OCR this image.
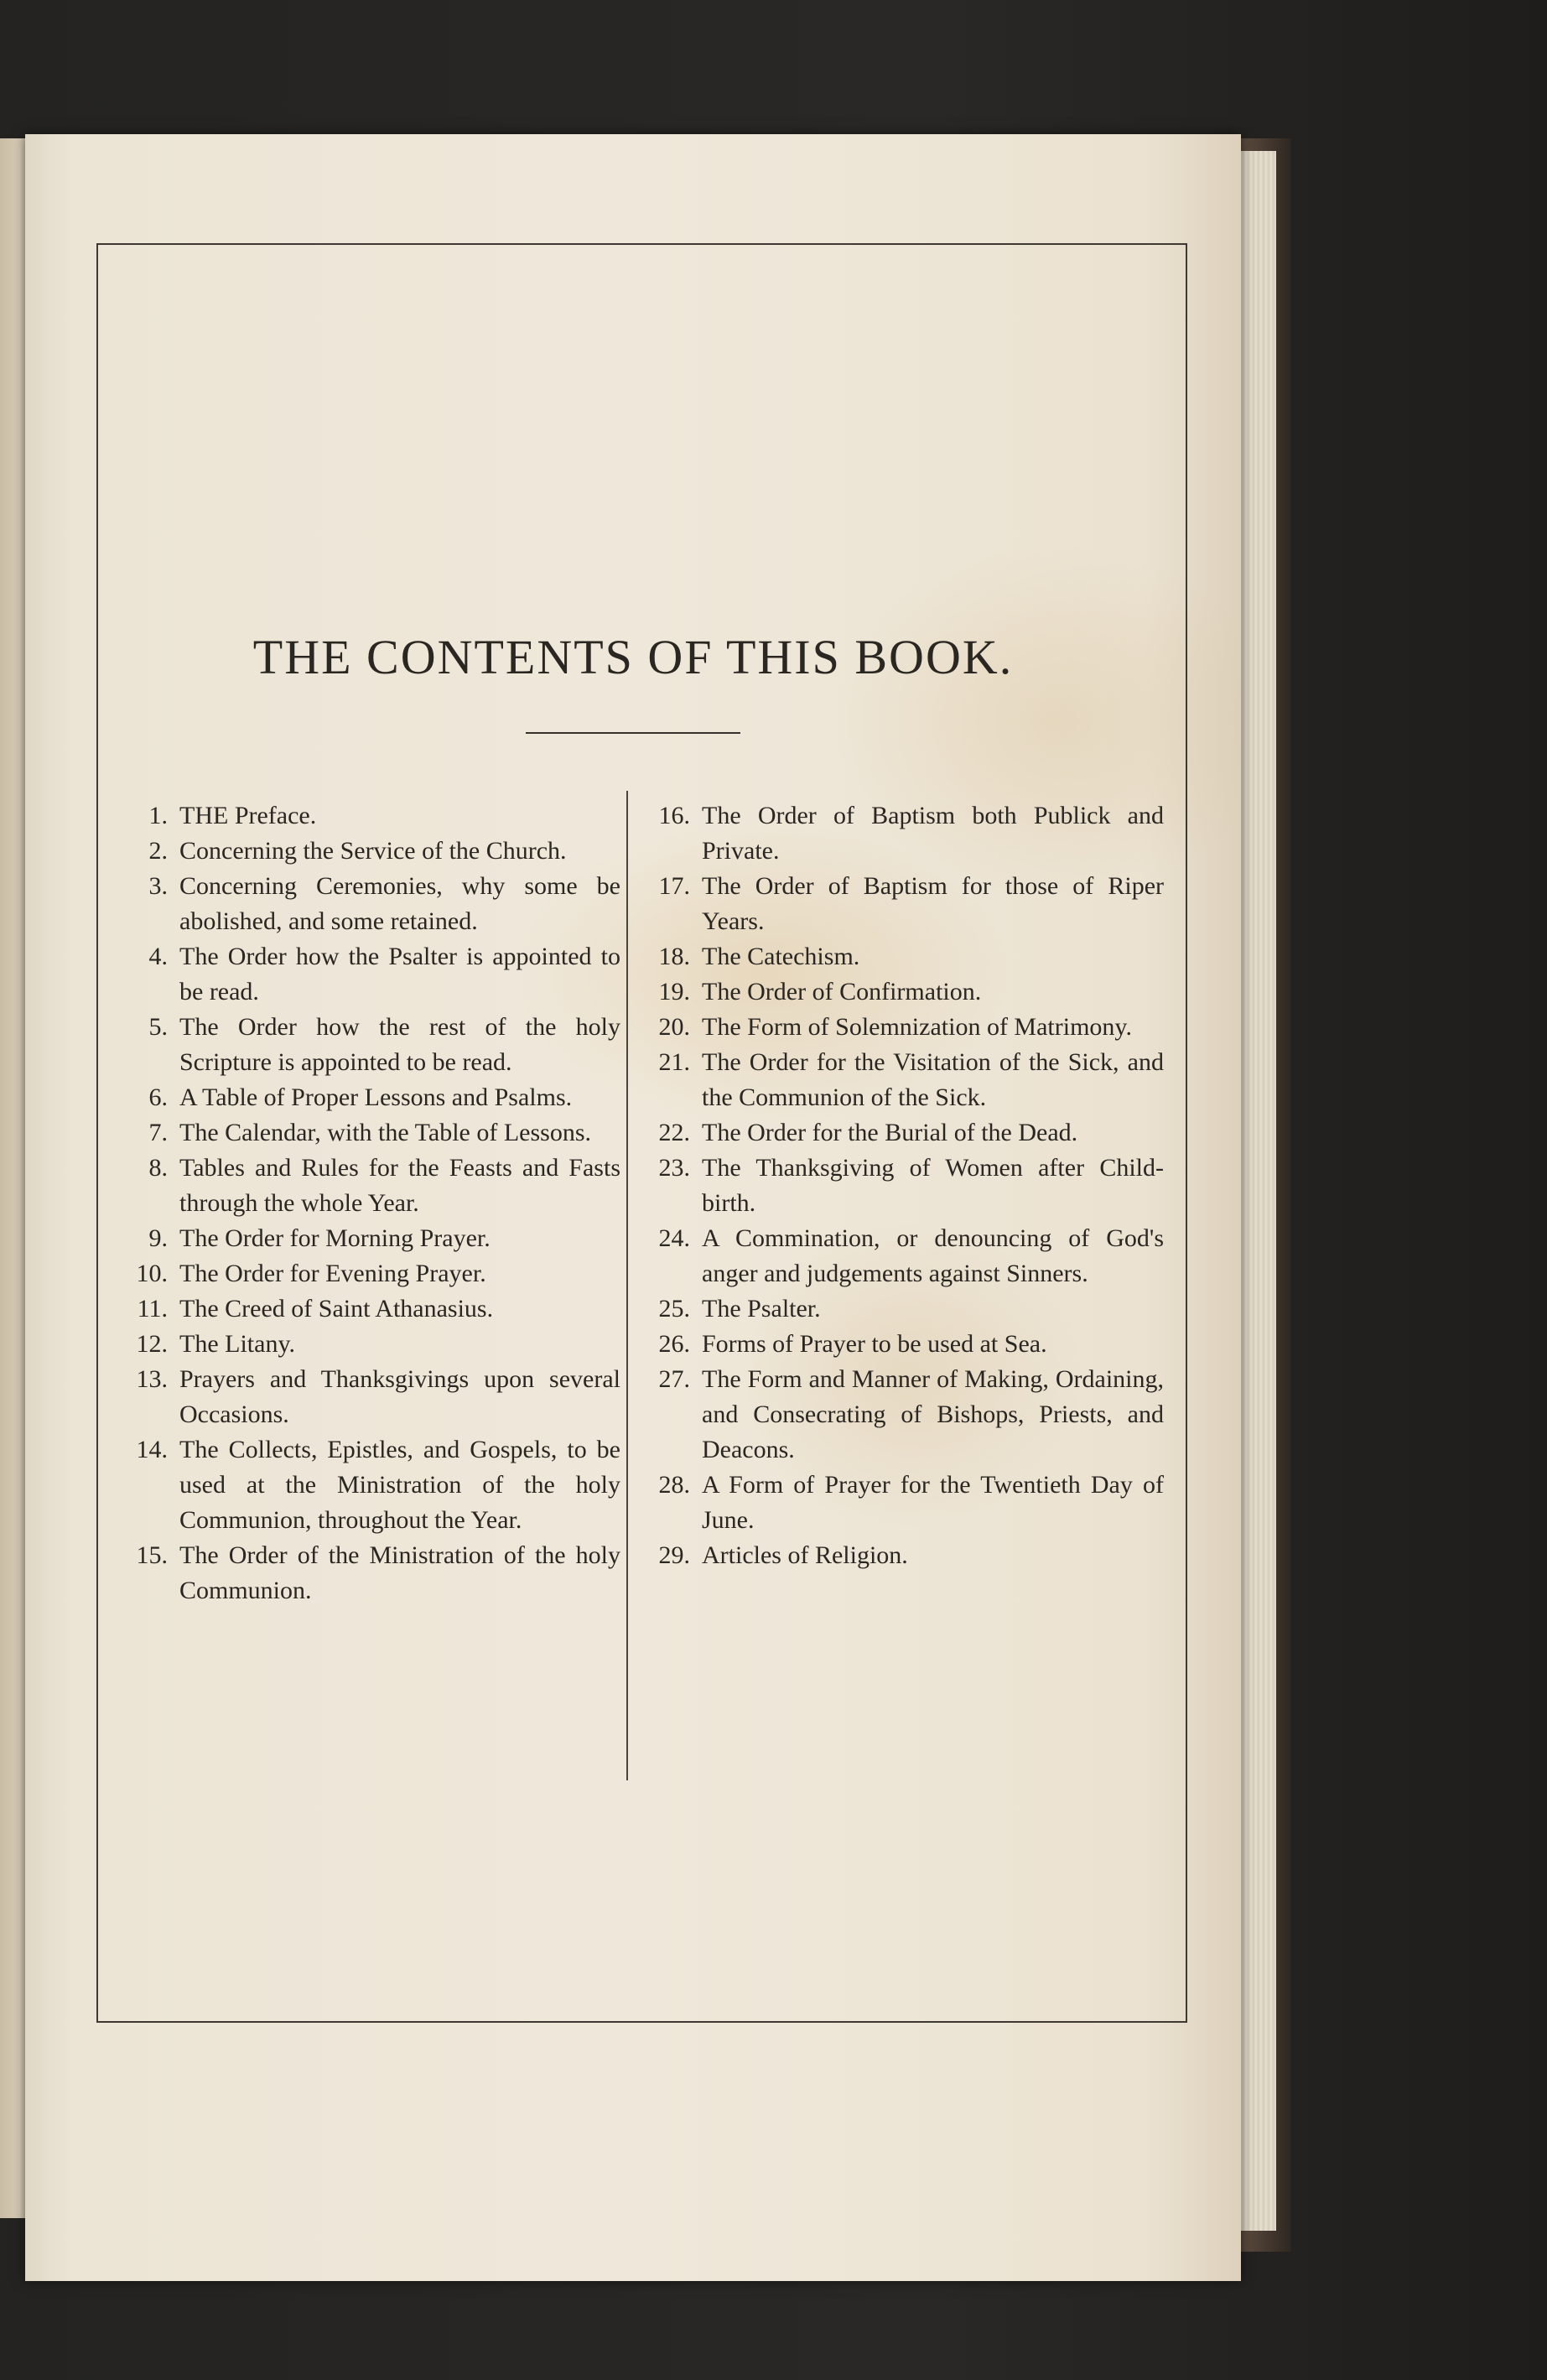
THE CONTENTS OF THIS BOOK.
1. THE Preface.
2. Concerning the Service of the Church.
3. Concerning Ceremonies, why some be abolished, and some retained.
4. The Order how the Psalter is appointed to be read.
5. The Order how the rest of the holy Scripture is appointed to be read.
6. A Table of Proper Lessons and Psalms.
7. The Calendar, with the Table of Lessons.
8. Tables and Rules for the Feasts and Fasts through the whole Year.
9. The Order for Morning Prayer.
10. The Order for Evening Prayer.
11. The Creed of Saint Athanasius.
12. The Litany.
13. Prayers and Thanksgivings upon several Occasions.
14. The Collects, Epistles, and Gospels, to be used at the Ministration of the holy Communion, throughout the Year.
15. The Order of the Ministration of the holy Communion.
16. The Order of Baptism both Publick and Private.
17. The Order of Baptism for those of Riper Years.
18. The Catechism.
19. The Order of Confirmation.
20. The Form of Solemnization of Matrimony.
21. The Order for the Visitation of the Sick, and the Communion of the Sick.
22. The Order for the Burial of the Dead.
23. The Thanksgiving of Women after Child-birth.
24. A Commination, or denouncing of God's anger and judgements against Sinners.
25. The Psalter.
26. Forms of Prayer to be used at Sea.
27. The Form and Manner of Making, Ordaining, and Consecrating of Bishops, Priests, and Deacons.
28. A Form of Prayer for the Twentieth Day of June.
29. Articles of Religion.
